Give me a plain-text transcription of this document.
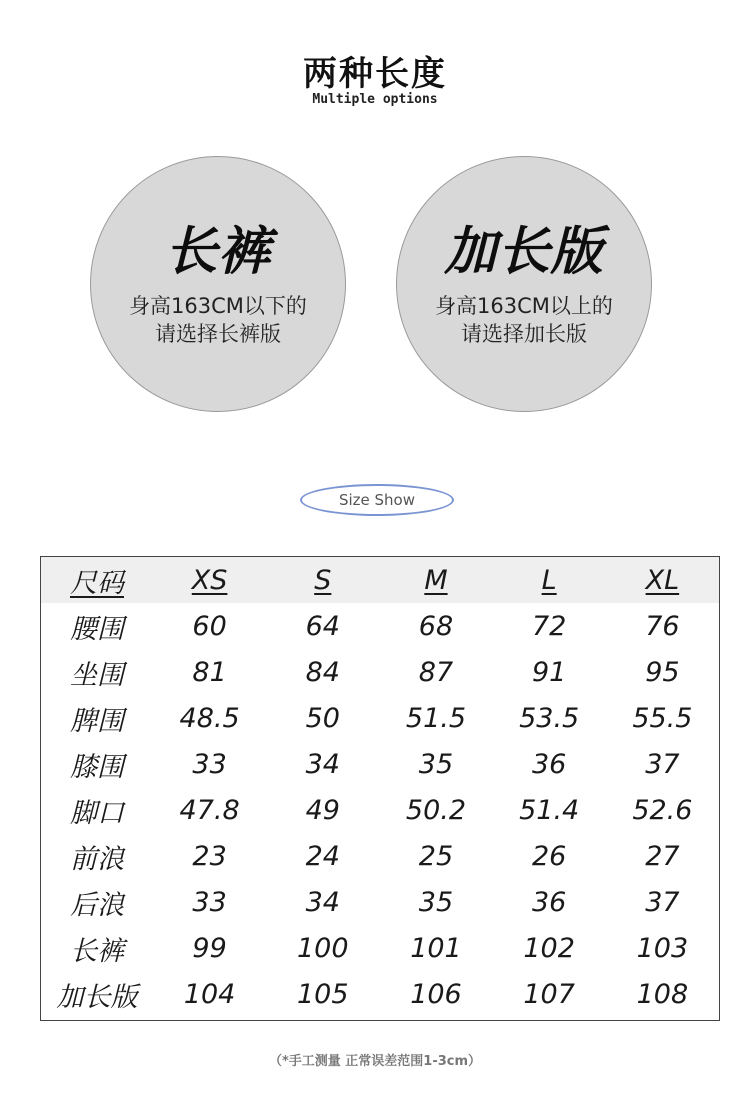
两种长度
Multiple options
长裤
身高163CM以下的
请选择长裤版
加长版
身高163CM以上的
请选择加长版
Size Show
尺码	XS	S	M	L	XL
腰围	60	64	68	72	76
坐围	81	84	87	91	95
脾围	48.5	50	51.5	53.5	55.5
膝围	33	34	35	36	37
脚口	47.8	49	50.2	51.4	52.6
前浪	23	24	25	26	27
后浪	33	34	35	36	37
长裤	99	100	101	102	103
加长版	104	105	106	107	108
（*手工测量 正常误差范围1-3cm）
